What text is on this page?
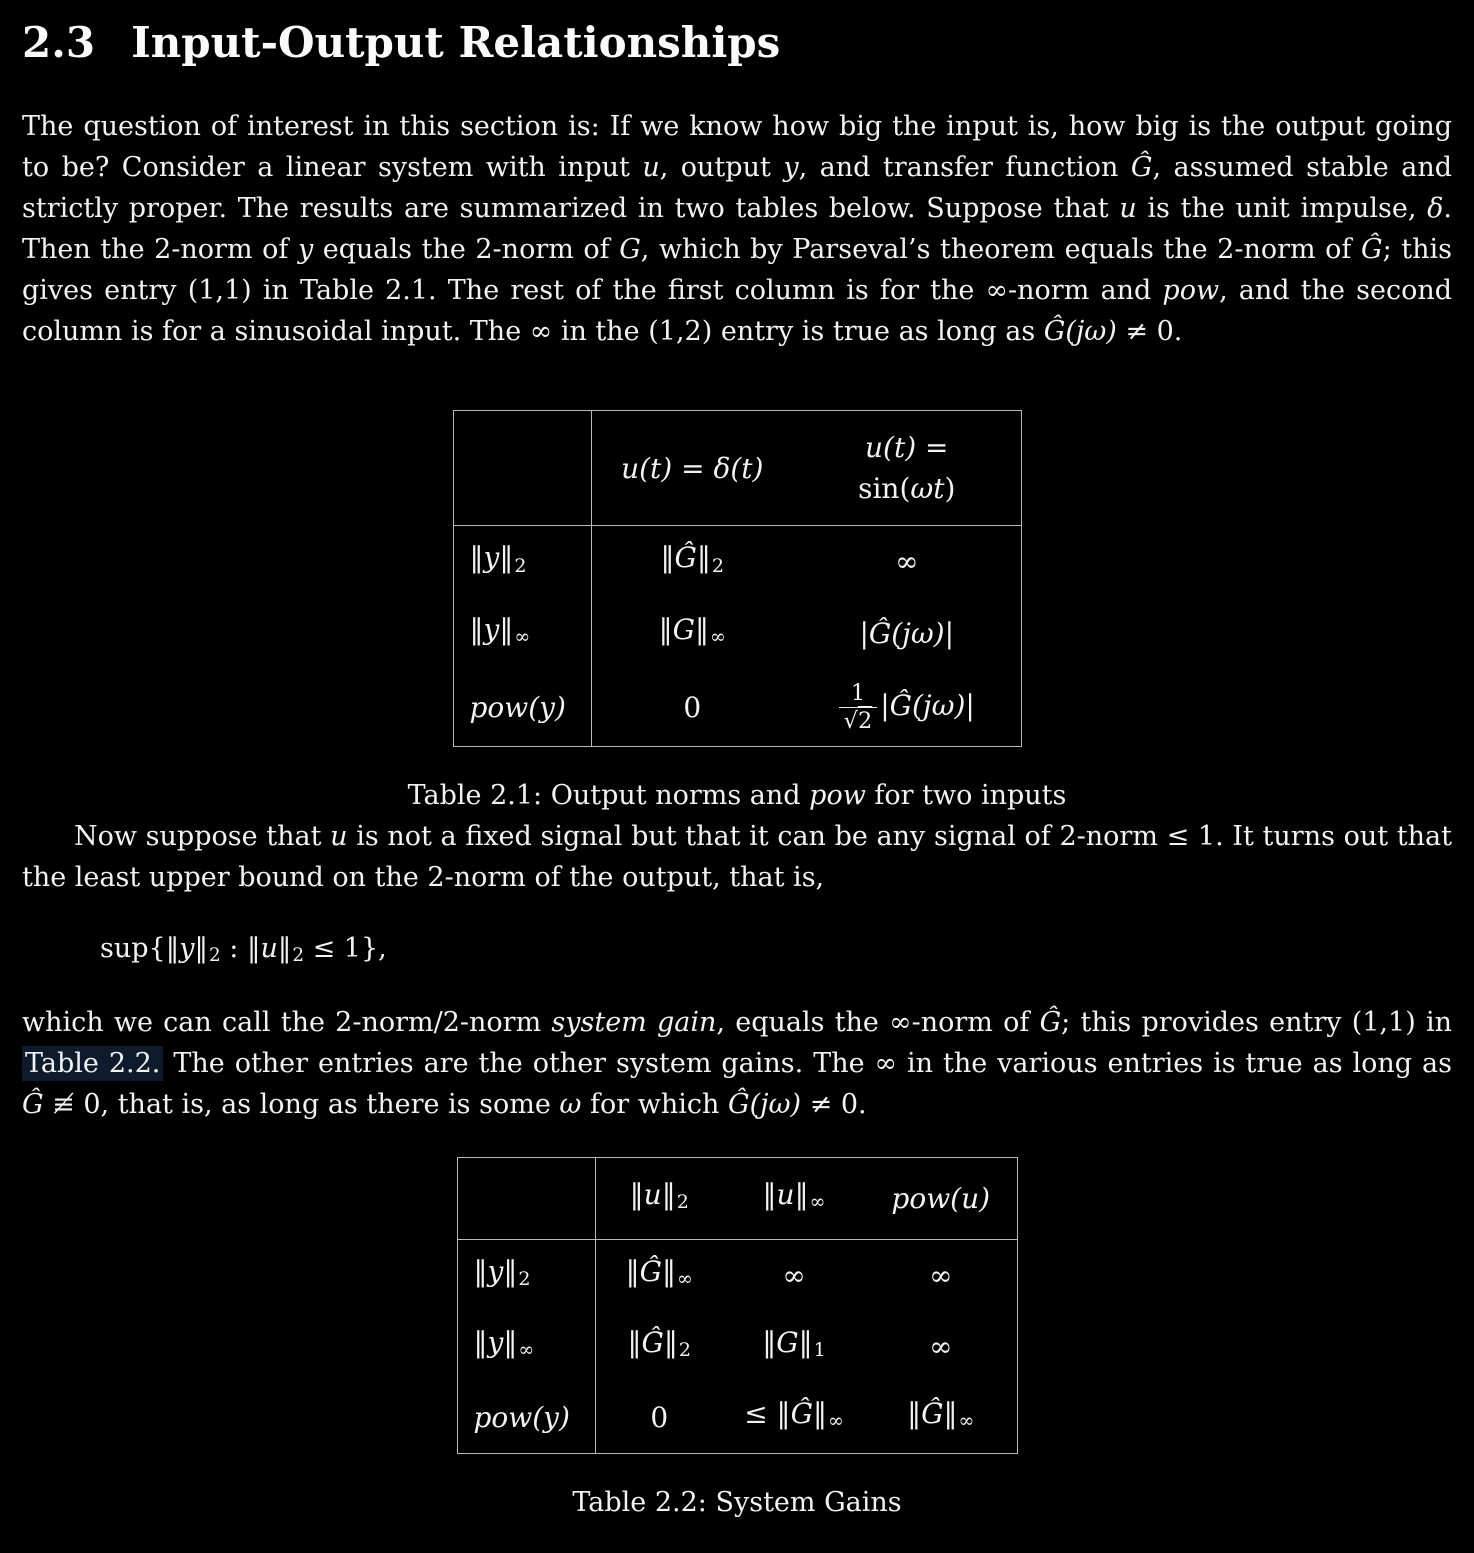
2.3 Input-Output Relationships

The question of interest in this section is: If we know how big the input is, how big is the output going to be? Consider a linear system with input u, output y, and transfer function Ĝ, assumed stable and strictly proper. The results are summarized in two tables below. Suppose that u is the unit impulse, δ. Then the 2-norm of y equals the 2-norm of G, which by Parseval’s theorem equals the 2-norm of Ĝ; this gives entry (1,1) in Table 2.1. The rest of the first column is for the ∞-norm and pow, and the second column is for a sinusoidal input. The ∞ in the (1,2) entry is true as long as Ĝ(jω) ≠ 0.

	u(t) = δ(t)	u(t) = sin(ωt)
‖y‖2	‖Ĝ‖2	∞
‖y‖∞	‖G‖∞	|Ĝ(jω)|
pow(y)	0	$\frac{1}{√2}$ |Ĝ(jω)|

Table 2.1: Output norms and pow for two inputs

Now suppose that u is not a fixed signal but that it can be any signal of 2-norm ≤ 1. It turns out that the least upper bound on the 2-norm of the output, that is,

sup{‖y‖2 : ‖u‖2 ≤ 1},

which we can call the 2-norm/2-norm system gain, equals the ∞-norm of Ĝ; this provides entry (1,1) in Table 2.2. The other entries are the other system gains. The ∞ in the various entries is true as long as Ĝ ≢ 0, that is, as long as there is some ω for which Ĝ(jω) ≠ 0.

	‖u‖2	‖u‖∞	pow(u)
‖y‖2	‖Ĝ‖∞	∞	∞
‖y‖∞	‖Ĝ‖2	‖G‖1	∞
pow(y)	0	≤ ‖Ĝ‖∞	‖Ĝ‖∞

Table 2.2: System Gains
